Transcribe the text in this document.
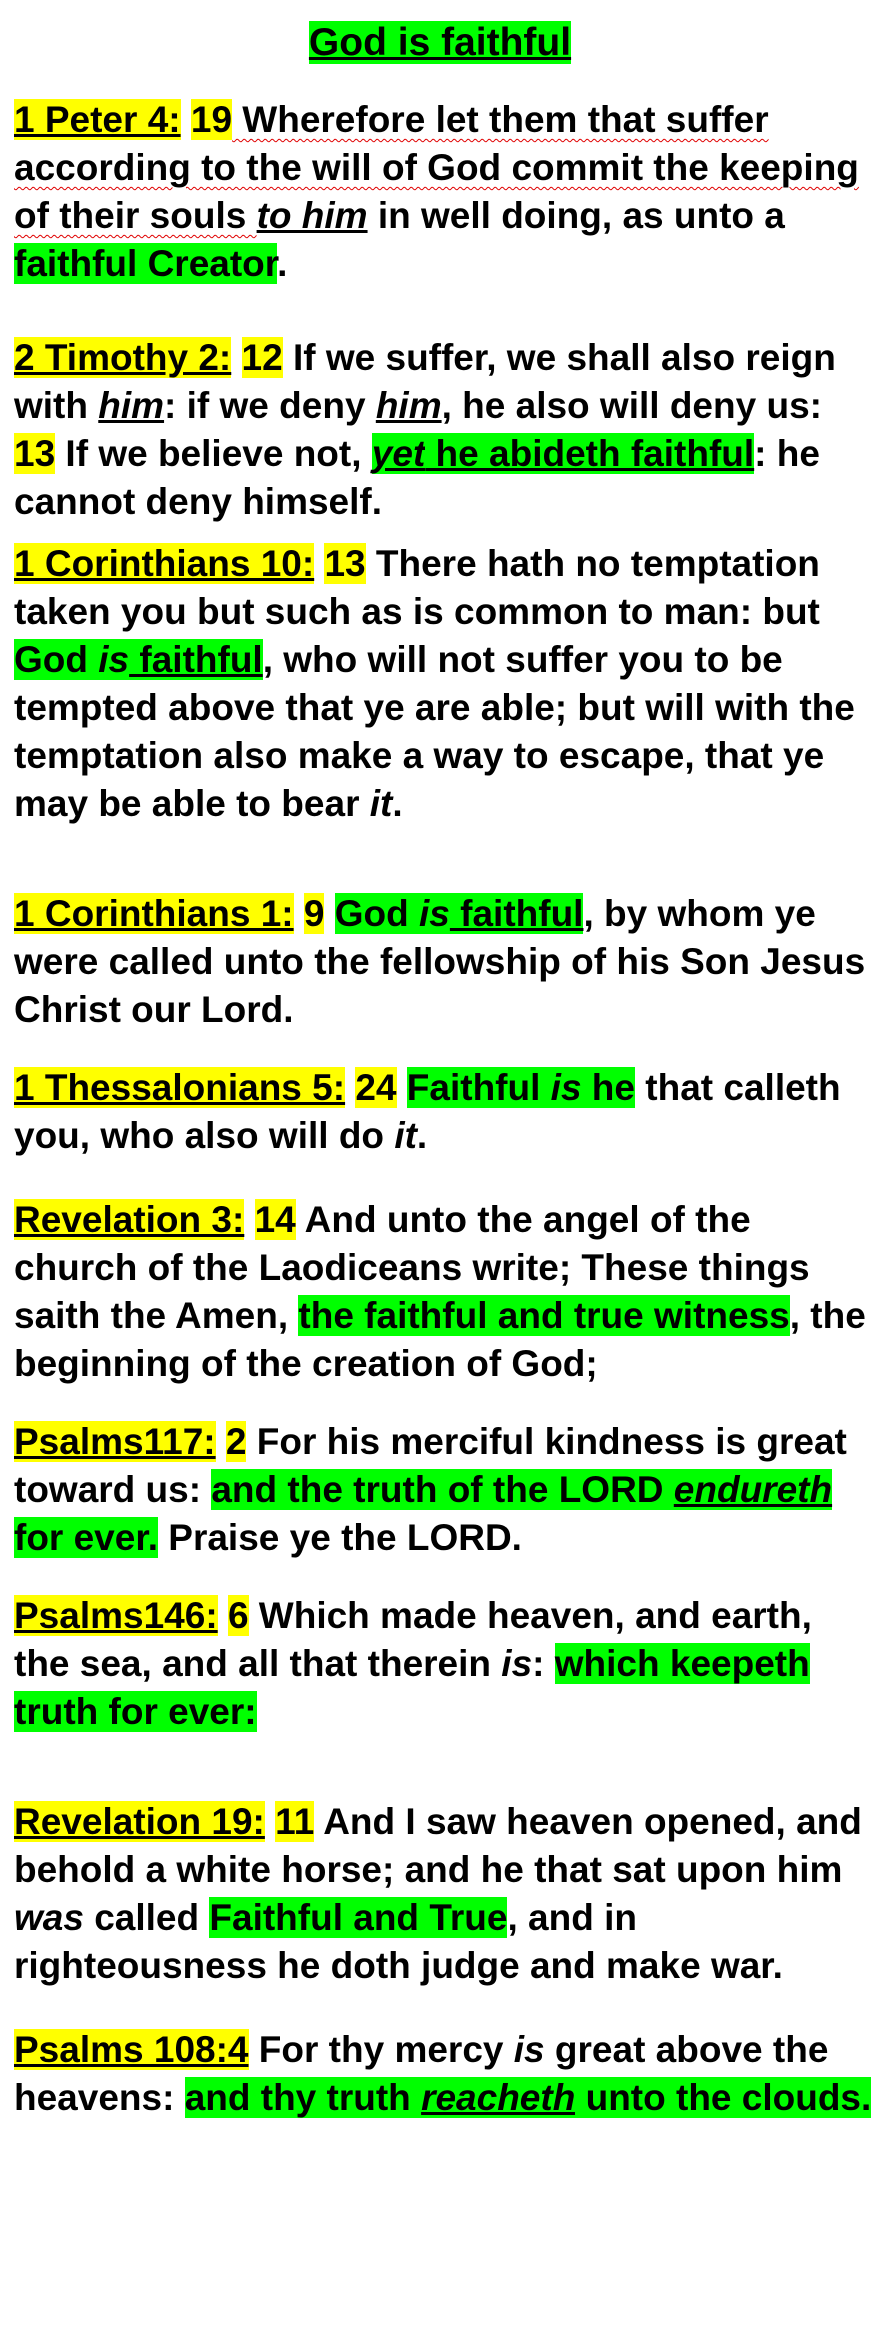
God is faithful
1 Peter 4: 19 Wherefore let them that suffer according to the will of God commit the keeping of their souls to him in well doing, as unto a faithful Creator.
2 Timothy 2: 12 If we suffer, we shall also reign with him: if we deny him, he also will deny us: 13 If we believe not, yet he abideth faithful: he cannot deny himself.
1 Corinthians 10: 13 There hath no temptation taken you but such as is common to man: but God is faithful, who will not suffer you to be tempted above that ye are able; but will with the temptation also make a way to escape, that ye may be able to bear it.
1 Corinthians 1: 9 God is faithful, by whom ye were called unto the fellowship of his Son Jesus Christ our Lord.
1 Thessalonians 5: 24 Faithful is he that calleth you, who also will do it.
Revelation 3: 14 And unto the angel of the church of the Laodiceans write; These things saith the Amen, the faithful and true witness, the beginning of the creation of God;
Psalms117: 2 For his merciful kindness is great toward us: and the truth of the LORD endureth for ever. Praise ye the LORD.
Psalms146: 6 Which made heaven, and earth, the sea, and all that therein is: which keepeth truth for ever:
Revelation 19: 11 And I saw heaven opened, and behold a white horse; and he that sat upon him was called Faithful and True, and in righteousness he doth judge and make war.
Psalms 108:4 For thy mercy is great above the heavens: and thy truth reacheth unto the clouds.
